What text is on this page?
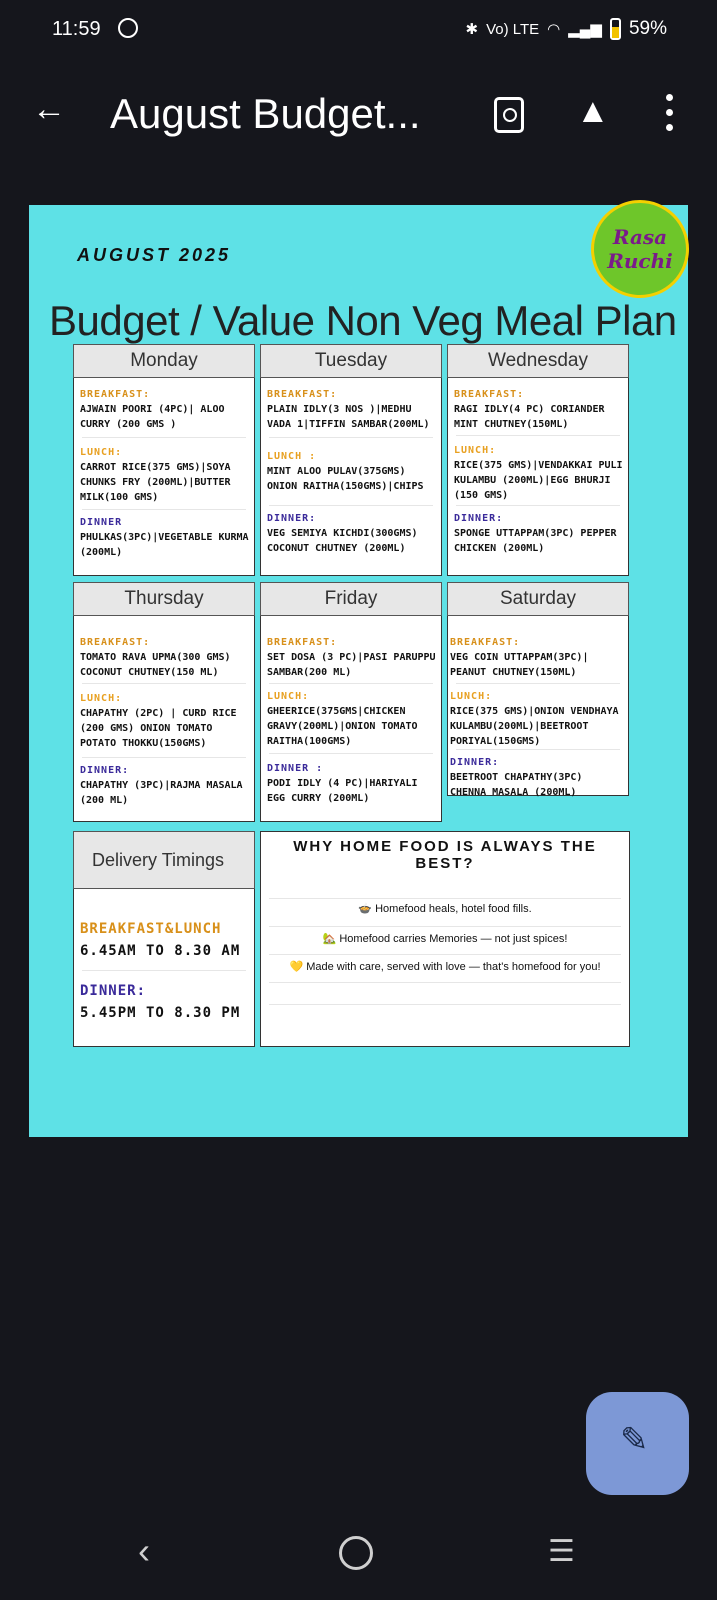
11:59	✱ Vo) LTE ◠ ▂▄▆ 59%
← August Budget...	▲
AUGUST 2025
Rasa
Ruchi
Budget / Value Non Veg Meal Plan
Monday
BREAKFAST:
AJWAIN POORI (4PC)| ALOO CURRY (200 GMS )
LUNCH:
CARROT RICE(375 GMS)|SOYA CHUNKS FRY (200ML)|BUTTER MILK(100 GMS)
DINNER
PHULKAS(3PC)|VEGETABLE KURMA (200ML)
Tuesday
BREAKFAST:
PLAIN IDLY(3 NOS )|MEDHU VADA 1|TIFFIN SAMBAR(200ML)
LUNCH :
MINT ALOO PULAV(375GMS) ONION RAITHA(150GMS)|CHIPS
DINNER:
VEG SEMIYA KICHDI(300GMS) COCONUT CHUTNEY (200ML)
Wednesday
BREAKFAST:
RAGI IDLY(4 PC) CORIANDER MINT CHUTNEY(150ML)
LUNCH:
RICE(375 GMS)|VENDAKKAI PULI KULAMBU (200ML)|EGG BHURJI (150 GMS)
DINNER:
SPONGE UTTAPPAM(3PC) PEPPER CHICKEN (200ML)
Thursday
BREAKFAST:
TOMATO RAVA UPMA(300 GMS) COCONUT CHUTNEY(150 ML)
LUNCH:
CHAPATHY (2PC) | CURD RICE (200 GMS) ONION TOMATO POTATO THOKKU(150GMS)
DINNER:
CHAPATHY (3PC)|RAJMA MASALA (200 ML)
Friday
BREAKFAST:
SET DOSA (3 PC)|PASI PARUPPU SAMBAR(200 ML)
LUNCH:
GHEERICE(375GMS|CHICKEN GRAVY(200ML)|ONION TOMATO RAITHA(100GMS)
DINNER :
PODI IDLY (4 PC)|HARIYALI EGG CURRY (200ML)
Saturday
BREAKFAST:
VEG COIN UTTAPPAM(3PC)| PEANUT CHUTNEY(150ML)
LUNCH:
RICE(375 GMS)|ONION VENDHAYA KULAMBU(200ML)|BEETROOT PORIYAL(150GMS)
DINNER:
BEETROOT CHAPATHY(3PC) CHENNA MASALA (200ML)
Delivery Timings
BREAKFAST&LUNCH
6.45AM TO 8.30 AM
DINNER:
5.45PM TO 8.30 PM
WHY HOME FOOD IS ALWAYS THE BEST?
🍲 Homefood heals, hotel food fills.
🏡 Homefood carries Memories — not just spices!
💛 Made with care, served with love — that's homefood for you!
✎
‹	☰
